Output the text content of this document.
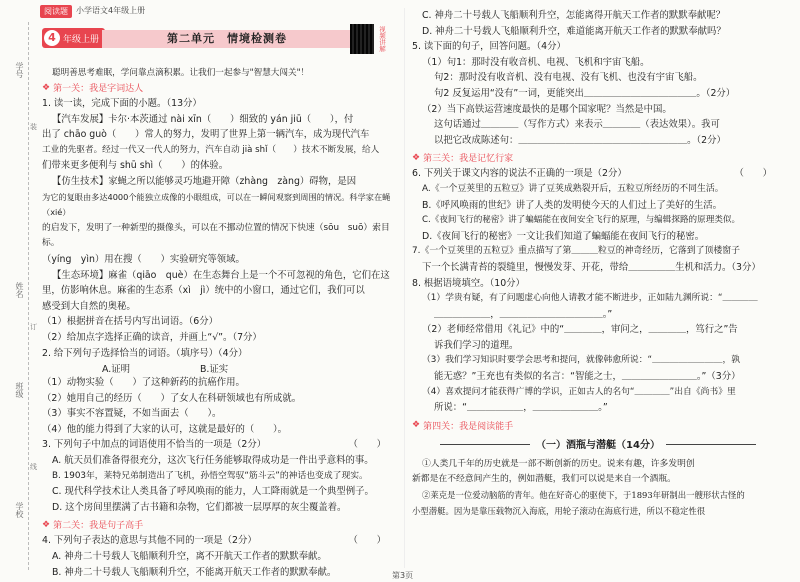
阅读题	小学语文4年级上册
学号
姓名
班级
学校
装
订
线
4 年级上册	第二单元　情境检测卷	视频讲解
聪明善思考难眠，学问靠点滴积累。让我们一起参与"智慧大闯关"！
❖ 第一关：我是字词达人

1. 读一读，完成下面的小题。（13分）

【汽车发展】卡尔·本茨通过 nài xīn（　　）细致的 yán jiū（　　），付

出了 chāo guò（　　）常人的努力，发明了世界上第一辆汽车，成为现代汽车

工业的先驱者。经过一代又一代人的努力，汽车自动 jià shǐ（　　）技术不断发展，给人

们带来更多便利与 shū shì（　　）的体验。

【仿生技术】家蝇之所以能够灵巧地避开障（zhàng　zàng）碍物，是因

为它的复眼由多达4000个能独立成像的小眼组成，可以在一瞬间观察到周围的情况。科学家在蝇（xié）

的启发下，发明了一种新型的摄像头，可以在不挪动位置的情况下快速（sōu　suō）索目标。

（yíng　yìn）用在搜（　　）实验研究等领域。

【生态环境】麻雀（qiāo　què）在生态舞台上是一个不可忽视的角色，它们在这

里，仿影响休息。麻雀的生态系（xì　jì）统中的小窗口，通过它们，我们可以

感受到大自然的奥秘。

（1）根据拼音在括号内写出词语。（6分）

（2）给加点字选择正确的读音，并画上“√”。（7分）

2. 给下列句子选择恰当的词语。（填序号）（4分）

A.证明	B.证实

（1）动物实验（　　）了这种新药的抗癌作用。

（2）她用自己的经历（　　）了女人在科研领域也有所成就。

（3）事实不容置疑，不如当面去（　　）。

（4）他的能力得到了大家的认可，这就是最好的（　　）。

3. 下列句子中加点的词语使用不恰当的一项是（2分）	（　　）

A. 航天员们准备得很充分，这次飞行任务能够取得成功是一件出乎意料的事。

B. 1903年，莱特兄弟制造出了飞机，孙悟空驾驭“筋斗云”的神话也变成了现实。

C. 现代科学技术让人类具备了呼风唤雨的能力，人工降雨就是一个典型例子。

D. 这个房间里摆满了古书籍和杂物，它们都被一层厚厚的灰尘覆盖着。

❖ 第二关：我是句子高手

4. 下列句子表达的意思与其他不同的一项是（2分）	（　　）

A. 神舟二十号载人飞船顺利升空，离不开航天工作者的默默奉献。

B. 神舟二十号载人飞船顺利升空，不能离开航天工作者的默默奉献。

C. 神舟二十号载人飞船顺利升空，怎能离得开航天工作者的默默奉献呢？

D. 神舟二十号载人飞船顺利升空，难道能离开航天工作者的默默奉献吗？

5. 读下面的句子，回答问题。（4分）

（1）句1：那时没有收音机、电视、飞机和宇宙飞船。

句2：那时没有收音机、没有电视、没有飞机、也没有宇宙飞船。

句2 反复运用“没有”一词，更能突出＿＿＿＿＿＿＿＿＿＿＿＿。（2分）

（2）当下高铁运营速度最快的是哪个国家呢？当然是中国。

这句话通过＿＿＿＿（写作方式）来表示＿＿＿＿（表达效果）。我可

以把它改成陈述句：＿＿＿＿＿＿＿＿＿＿＿＿＿＿＿＿＿＿。（2分）

❖ 第三关：我是记忆行家

6. 下列关于课文内容的说法不正确的一项是（2分）	（　　）

A.《一个豆荚里的五粒豆》讲了豆荚成熟裂开后，五粒豆所经历的不同生活。

B.《呼风唤雨的世纪》讲了人类的发明使今天的人们过上了美好的生活。

C.《夜间飞行的秘密》讲了蝙蝠能在夜间安全飞行的原理，与编辑探路的原理类似。

D.《夜间飞行的秘密》一文让我们知道了蝙蝠能在夜间飞行的秘密。

7.《一个豆荚里的五粒豆》重点描写了第＿＿＿粒豆的神奇经历，它落到了顶楼窗子

下一个长满青苔的裂缝里，慢慢发芽、开花，带给＿＿＿＿＿生机和活力。（3分）

8. 根据语境填空。（10分）

（1）学贵有疑，有了问题虚心向他人请教才能不断进步，正如陆九渊所说：“＿＿＿＿

＿＿＿＿＿＿，＿＿＿＿＿＿＿＿＿＿＿。”

（2）老师经常借用《礼记》中的“＿＿＿＿，审问之，＿＿＿＿，笃行之”告

诉我们学习的道理。

（3）我们学习知识时要学会思考和提问，就像韩愈所说：“＿＿＿＿＿＿＿＿，孰

能无惑？”王充也有类似的名言：“智能之士，＿＿＿＿＿＿＿＿。”（3分）

（4）喜欢提问才能获得广博的学识，正如古人的名句“＿＿＿＿”出自《尚书》里

所说：“＿＿＿＿＿＿，＿＿＿＿＿＿＿。”

❖ 第四关：我是阅读能手
（一）酒瓶与潜艇（14分）

①人类几千年的历史就是一部不断创新的历史。说来有趣，许多发明创

新都是在不经意间产生的，例如潜艇，我们可以说是来自一个酒瓶。

②莱克是一位爱动脑筋的青年。他在好奇心的驱使下，于1893年研制出一艘形状古怪的

小型潜艇。因为是靠压载物沉入海底，用轮子滚动在海底行进，所以不稳定性很

第3页
